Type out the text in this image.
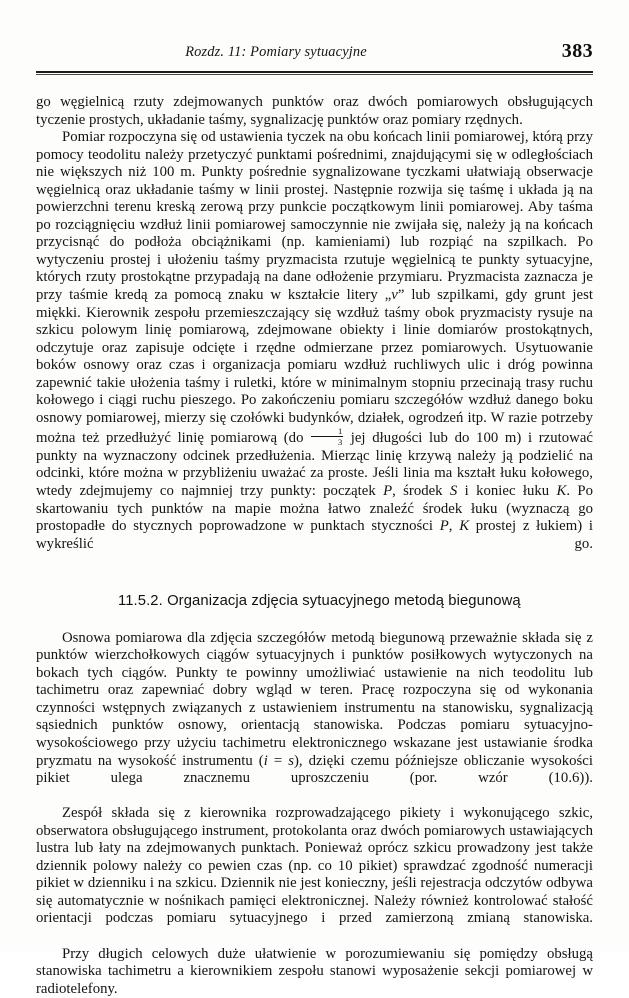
Rozdz. 11: Pomiary sytuacyjne	383

go węgielnicą rzuty zdejmowanych punktów oraz dwóch pomiarowych obsługujących tyczenie prostych, układanie taśmy, sygnalizację punktów oraz pomiary rzędnych.

Pomiar rozpoczyna się od ustawienia tyczek na obu końcach linii pomiarowej, którą przy pomocy teodolitu należy przetyczyć punktami pośrednimi, znajdującymi się w odległościach nie większych niż 100 m. Punkty pośrednie sygnalizowane tyczkami ułatwiają obserwacje węgielnicą oraz układanie taśmy w linii prostej. Następnie rozwija się taśmę i układa ją na powierzchni terenu kreską zerową przy punkcie początkowym linii pomiarowej. Aby taśma po rozciągnięciu wzdłuż linii pomiarowej samoczynnie nie zwijała się, należy ją na końcach przycisnąć do podłoża obciążnikami (np. kamieniami) lub rozpiąć na szpilkach. Po wytyczeniu prostej i ułożeniu taśmy pryzmacista rzutuje węgielnicą te punkty sytuacyjne, których rzuty prostokątne przypadają na dane odłożenie przymiaru. Pryzmacista zaznacza je przy taśmie kredą za pomocą znaku w kształcie litery „v” lub szpilkami, gdy grunt jest miękki. Kierownik zespołu przemieszczający się wzdłuż taśmy obok pryzmacisty rysuje na szkicu polowym linię pomiarową, zdejmowane obiekty i linie domiarów prostokątnych, odczytuje oraz zapisuje odcięte i rzędne odmierzane przez pomiarowych. Usytuowanie boków osnowy oraz czas i organizacja pomiaru wzdłuż ruchliwych ulic i dróg powinna zapewnić takie ułożenia taśmy i ruletki, które w minimalnym stopniu przecinają trasy ruchu kołowego i ciągi ruchu pieszego. Po zakończeniu pomiaru szczegółów wzdłuż danego boku osnowy pomiarowej, mierzy się czołówki budynków, działek, ogrodzeń itp. W razie potrzeby można też przedłużyć linię pomiarową ($do \frac{1}{3}$ jej długości lub do 100 m) i rzutować punkty na wyznaczony odcinek przedłużenia. Mierząc linię krzywą należy ją podzielić na odcinki, które można w przybliżeniu uważać za proste. Jeśli linia ma kształt łuku kołowego, wtedy zdejmujemy co najmniej trzy punkty: początek P, środek S i koniec łuku K. Po skartowaniu tych punktów na mapie można łatwo znaleźć środek łuku (wyznaczą go prostopadłe do stycznych poprowadzone w punktach styczności P, K prostej z łukiem) i wykreślić go.

11.5.2. Organizacja zdjęcia sytuacyjnego metodą biegunową

Osnowa pomiarowa dla zdjęcia szczegółów metodą biegunową przeważnie składa się z punktów wierzchołkowych ciągów sytuacyjnych i punktów posiłkowych wytyczonych na bokach tych ciągów. Punkty te powinny umożliwiać ustawienie na nich teodolitu lub tachimetru oraz zapewniać dobry wgląd w teren. Pracę rozpoczyna się od wykonania czynności wstępnych związanych z ustawieniem instrumentu na stanowisku, sygnalizacją sąsiednich punktów osnowy, orientacją stanowiska. Podczas pomiaru sytuacyjno-wysokościowego przy użyciu tachimetru elektronicznego wskazane jest ustawianie środka pryzmatu na wysokość instrumentu (i = s), dzięki czemu późniejsze obliczanie wysokości pikiet ulega znacznemu uproszczeniu (por. wzór (10.6)).

Zespół składa się z kierownika rozprowadzającego pikiety i wykonującego szkic, obserwatora obsługującego instrument, protokolanta oraz dwóch pomiarowych ustawiających lustra lub łaty na zdejmowanych punktach. Ponieważ oprócz szkicu prowadzony jest także dziennik polowy należy co pewien czas (np. co 10 pikiet) sprawdzać zgodność numeracji pikiet w dzienniku i na szkicu. Dziennik nie jest konieczny, jeśli rejestracja odczytów odbywa się automatycznie w nośnikach pamięci elektronicznej. Należy również kontrolować stałość orientacji podczas pomiaru sytuacyjnego i przed zamierzoną zmianą stanowiska.

Przy długich celowych duże ułatwienie w porozumiewaniu się pomiędzy obsługą stanowiska tachimetru a kierownikiem zespołu stanowi wyposażenie sekcji pomiarowej w radiotelefony.
